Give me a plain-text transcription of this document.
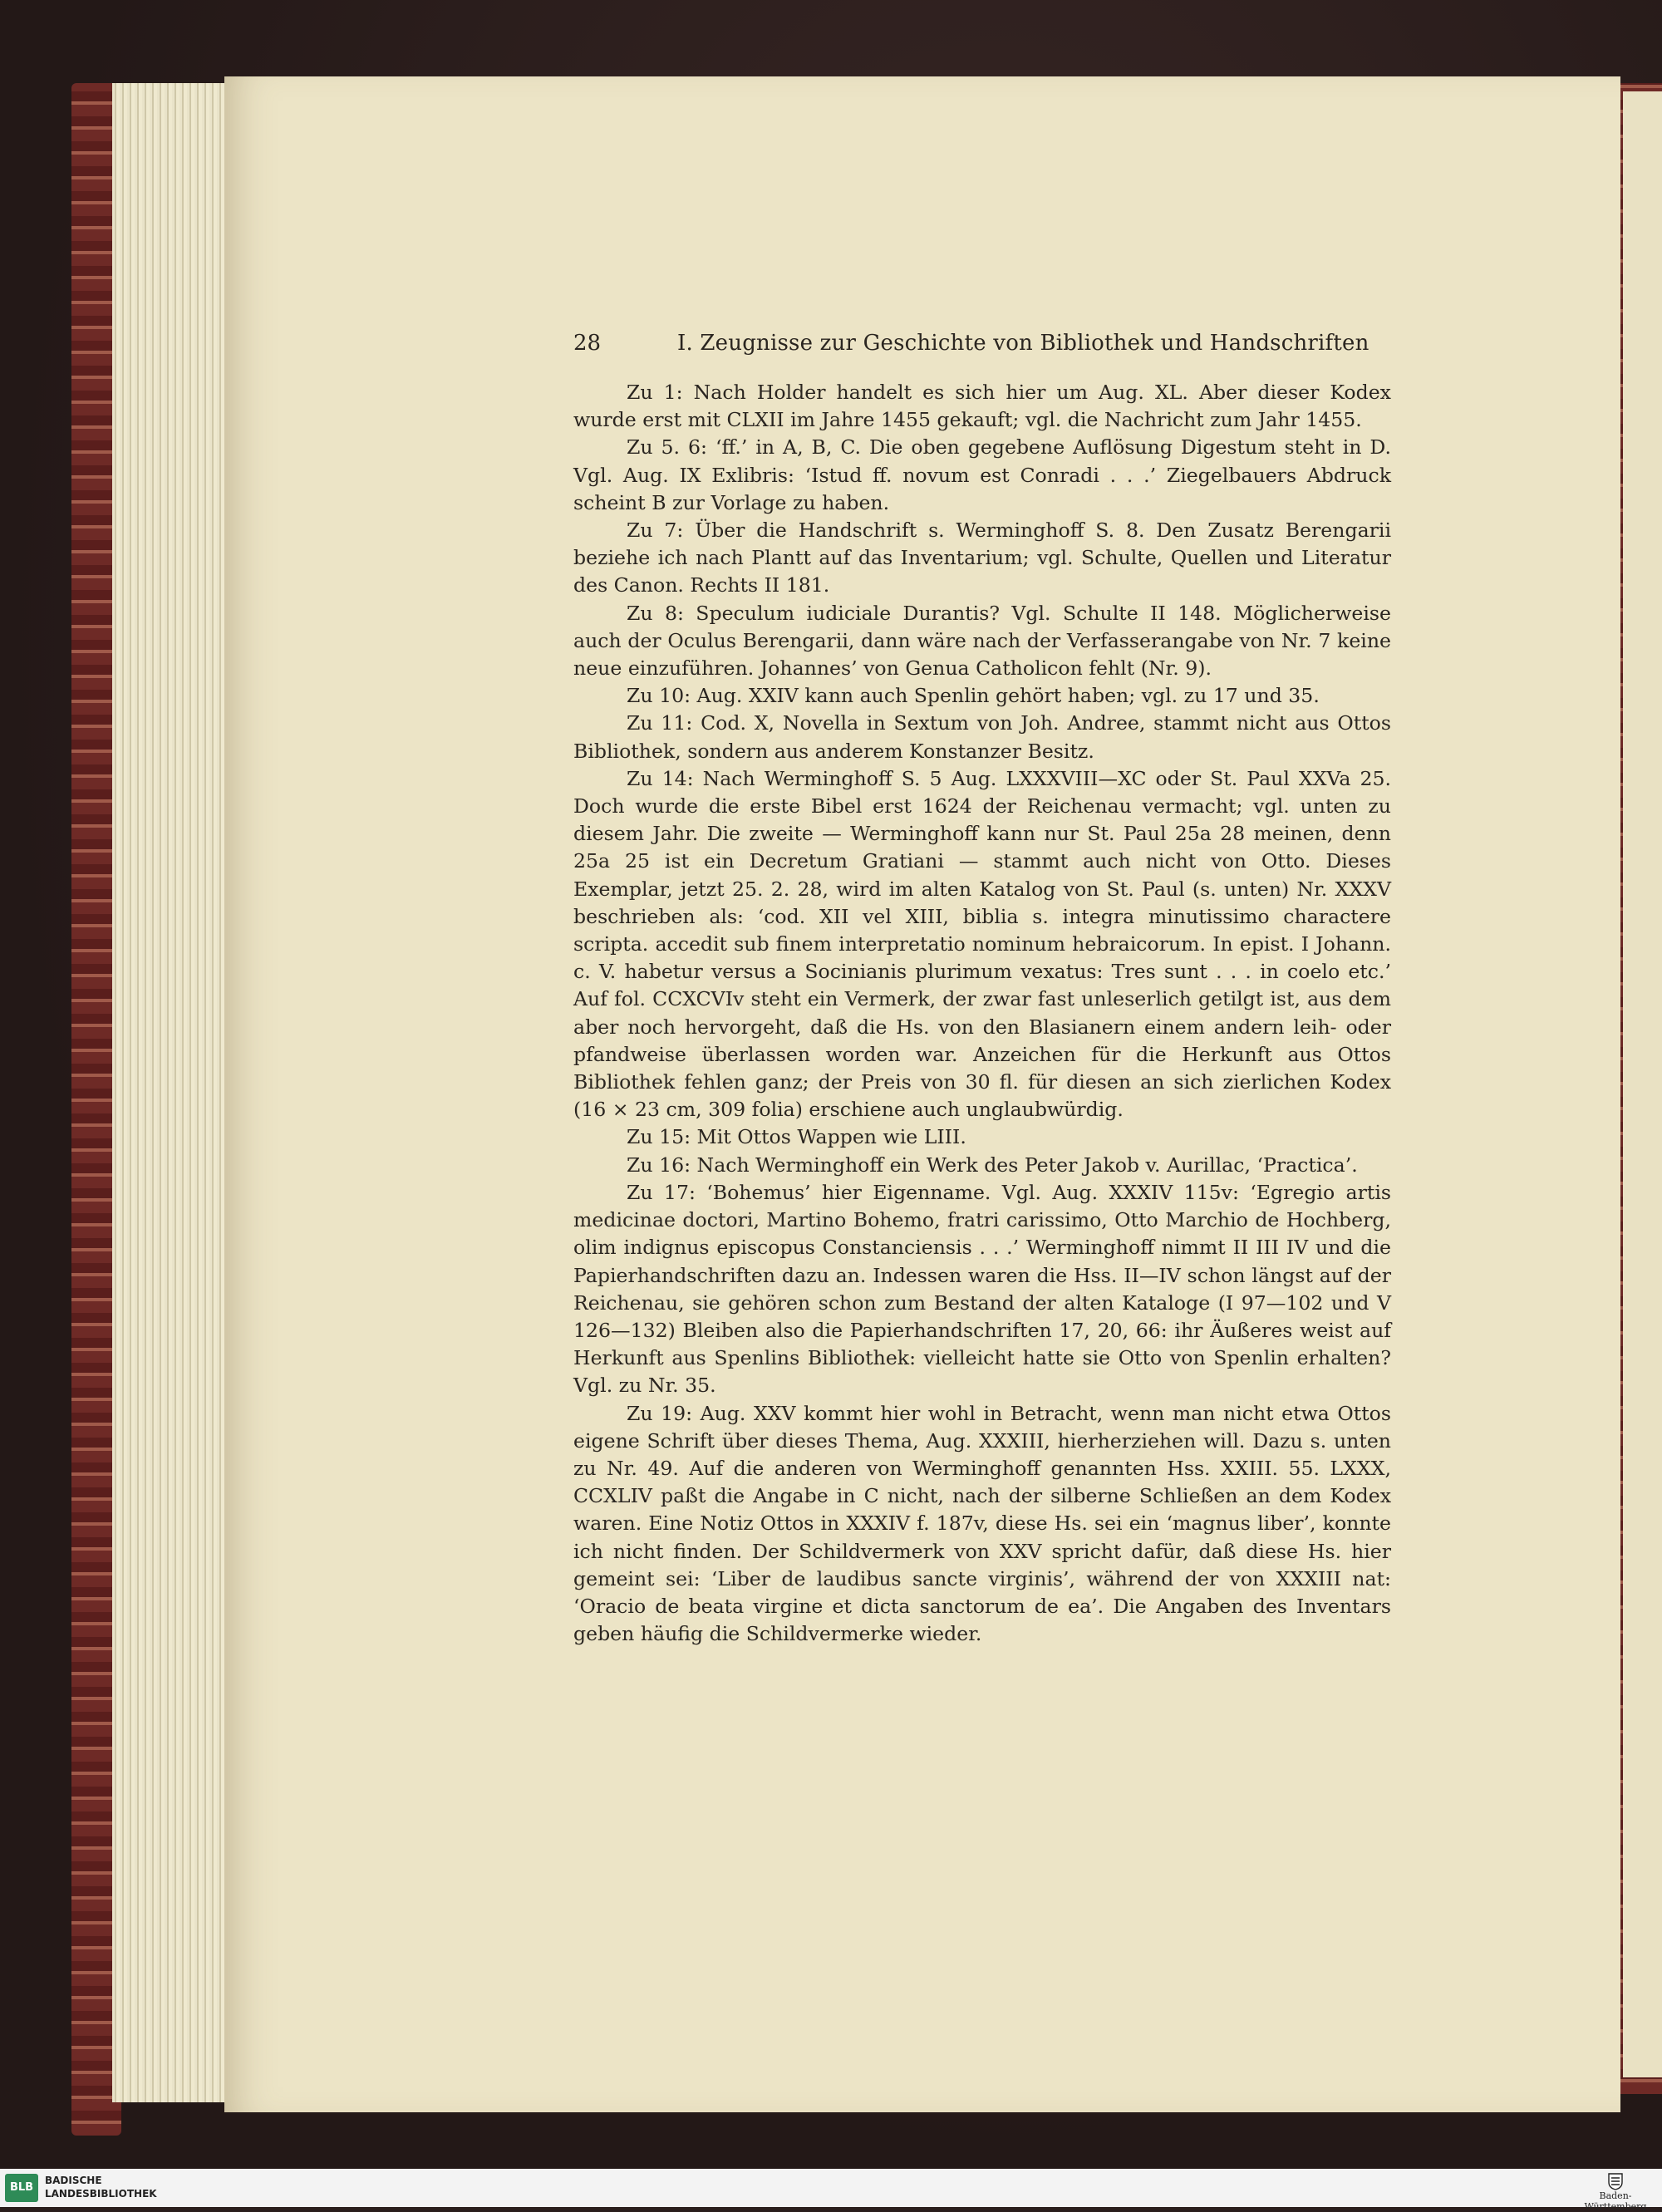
28	I. Zeugnisse zur Geschichte von Bibliothek und Handschriften

Zu 1: Nach Holder handelt es sich hier um Aug. XL. Aber dieser Kodex wurde erst mit CLXII im Jahre 1455 gekauft; vgl. die Nachricht zum Jahr 1455.

Zu 5. 6: ‘ff.’ in A, B, C. Die oben gegebene Auflösung Digestum steht in D. Vgl. Aug. IX Exlibris: ‘Istud ff. novum est Conradi . . .’ Ziegelbauers Abdruck scheint B zur Vorlage zu haben.

Zu 7: Über die Handschrift s. Werminghoff S. 8. Den Zusatz Berengarii beziehe ich nach Plantt auf das Inventarium; vgl. Schulte, Quellen und Literatur des Canon. Rechts II 181.

Zu 8: Speculum iudiciale Durantis? Vgl. Schulte II 148. Möglicherweise auch der Oculus Berengarii, dann wäre nach der Verfasserangabe von Nr. 7 keine neue einzuführen. Johannes’ von Genua Catholicon fehlt (Nr. 9).

Zu 10: Aug. XXIV kann auch Spenlin gehört haben; vgl. zu 17 und 35.

Zu 11: Cod. X, Novella in Sextum von Joh. Andree, stammt nicht aus Ottos Bibliothek, sondern aus anderem Konstanzer Besitz.

Zu 14: Nach Werminghoff S. 5 Aug. LXXXVIII—XC oder St. Paul XXVa 25. Doch wurde die erste Bibel erst 1624 der Reichenau vermacht; vgl. unten zu diesem Jahr. Die zweite — Werminghoff kann nur St. Paul 25a 28 meinen, denn 25a 25 ist ein Decretum Gratiani — stammt auch nicht von Otto. Dieses Exemplar, jetzt 25. 2. 28, wird im alten Katalog von St. Paul (s. unten) Nr. XXXV beschrieben als: ‘cod. XII vel XIII, biblia s. integra minutissimo charactere scripta. accedit sub finem interpretatio nominum hebraicorum. In epist. I Johann. c. V. habetur versus a Socinianis plurimum vexatus: Tres sunt . . . in coelo etc.’ Auf fol. CCXCVIv steht ein Vermerk, der zwar fast unleserlich getilgt ist, aus dem aber noch hervorgeht, daß die Hs. von den Blasianern einem andern leih- oder pfandweise überlassen worden war. Anzeichen für die Herkunft aus Ottos Bibliothek fehlen ganz; der Preis von 30 fl. für diesen an sich zierlichen Kodex (16 × 23 cm, 309 folia) erschiene auch unglaubwürdig.

Zu 15: Mit Ottos Wappen wie LIII.

Zu 16: Nach Werminghoff ein Werk des Peter Jakob v. Aurillac, ‘Practica’.

Zu 17: ‘Bohemus’ hier Eigenname. Vgl. Aug. XXXIV 115v: ‘Egregio artis medicinae doctori, Martino Bohemo, fratri carissimo, Otto Marchio de Hochberg, olim indignus episcopus Constanciensis . . .’ Werminghoff nimmt II III IV und die Papierhandschriften dazu an. Indessen waren die Hss. II—IV schon längst auf der Reichenau, sie gehören schon zum Bestand der alten Kataloge (I 97—102 und V 126—132) Bleiben also die Papierhandschriften 17, 20, 66: ihr Äußeres weist auf Herkunft aus Spenlins Bibliothek: vielleicht hatte sie Otto von Spenlin erhalten? Vgl. zu Nr. 35.

Zu 19: Aug. XXV kommt hier wohl in Betracht, wenn man nicht etwa Ottos eigene Schrift über dieses Thema, Aug. XXXIII, hierherziehen will. Dazu s. unten zu Nr. 49. Auf die anderen von Werminghoff genannten Hss. XXIII. 55. LXXX, CCXLIV paßt die Angabe in C nicht, nach der silberne Schließen an dem Kodex waren. Eine Notiz Ottos in XXXIV f. 187v, diese Hs. sei ein ‘magnus liber’, konnte ich nicht finden. Der Schildvermerk von XXV spricht dafür, daß diese Hs. hier gemeint sei: ‘Liber de laudibus sancte virginis’, während der von XXXIII nat: ‘Oracio de beata virgine et dicta sanctorum de ea’. Die Angaben des Inventars geben häufig die Schildvermerke wieder.

BLB
BADISCHE
LANDESBIBLIOTHEK	Baden-Württemberg
